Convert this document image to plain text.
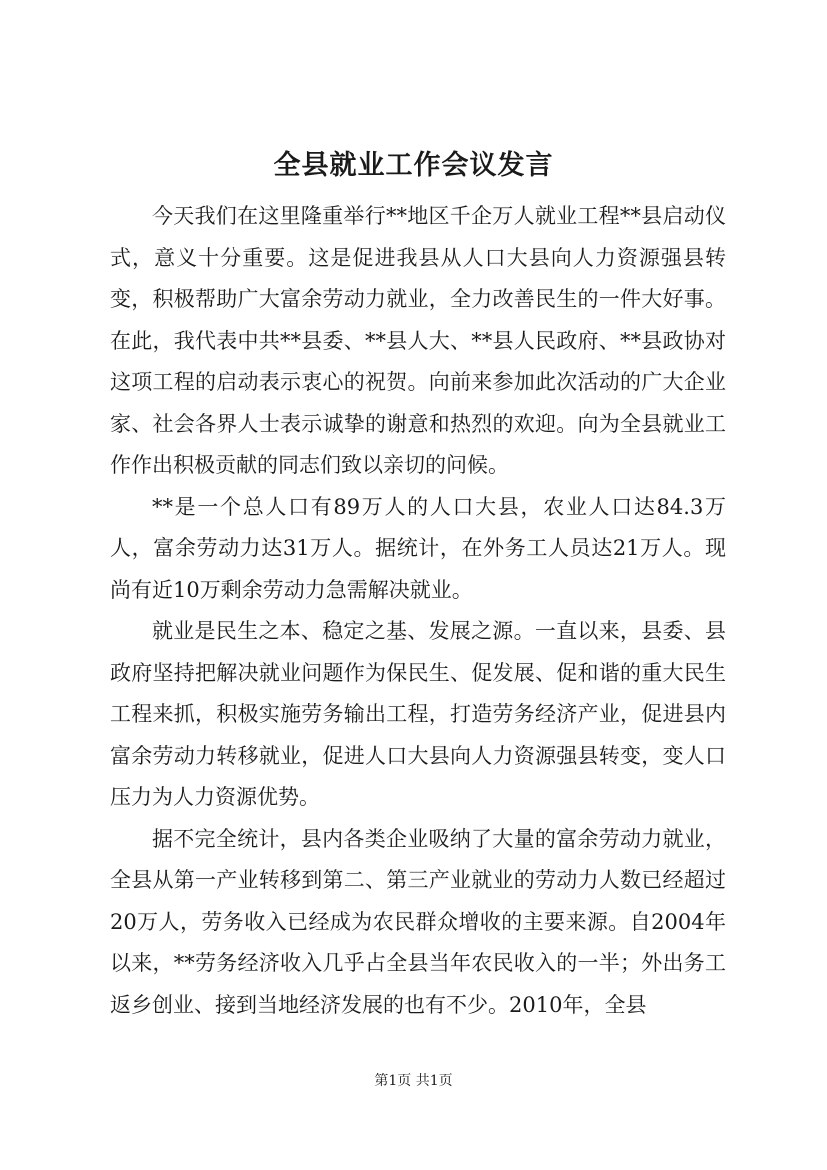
全县就业工作会议发言

今天我们在这里隆重举行**地区千企万人就业工程**县启动仪式，意义十分重要。这是促进我县从人口大县向人力资源强县转变，积极帮助广大富余劳动力就业，全力改善民生的一件大好事。在此，我代表中共**县委、**县人大、**县人民政府、**县政协对这项工程的启动表示衷心的祝贺。向前来参加此次活动的广大企业家、社会各界人士表示诚挚的谢意和热烈的欢迎。向为全县就业工作作出积极贡献的同志们致以亲切的问候。

**是一个总人口有89万人的人口大县，农业人口达84.3万人，富余劳动力达31万人。据统计，在外务工人员达21万人。现尚有近10万剩余劳动力急需解决就业。

就业是民生之本、稳定之基、发展之源。一直以来，县委、县政府坚持把解决就业问题作为保民生、促发展、促和谐的重大民生工程来抓，积极实施劳务输出工程，打造劳务经济产业，促进县内富余劳动力转移就业，促进人口大县向人力资源强县转变，变人口压力为人力资源优势。

据不完全统计，县内各类企业吸纳了大量的富余劳动力就业，全县从第一产业转移到第二、第三产业就业的劳动力人数已经超过20万人，劳务收入已经成为农民群众增收的主要来源。自2004年以来，**劳务经济收入几乎占全县当年农民收入的一半；外出务工返乡创业、接到当地经济发展的也有不少。2010年，全县

第1页 共1页
